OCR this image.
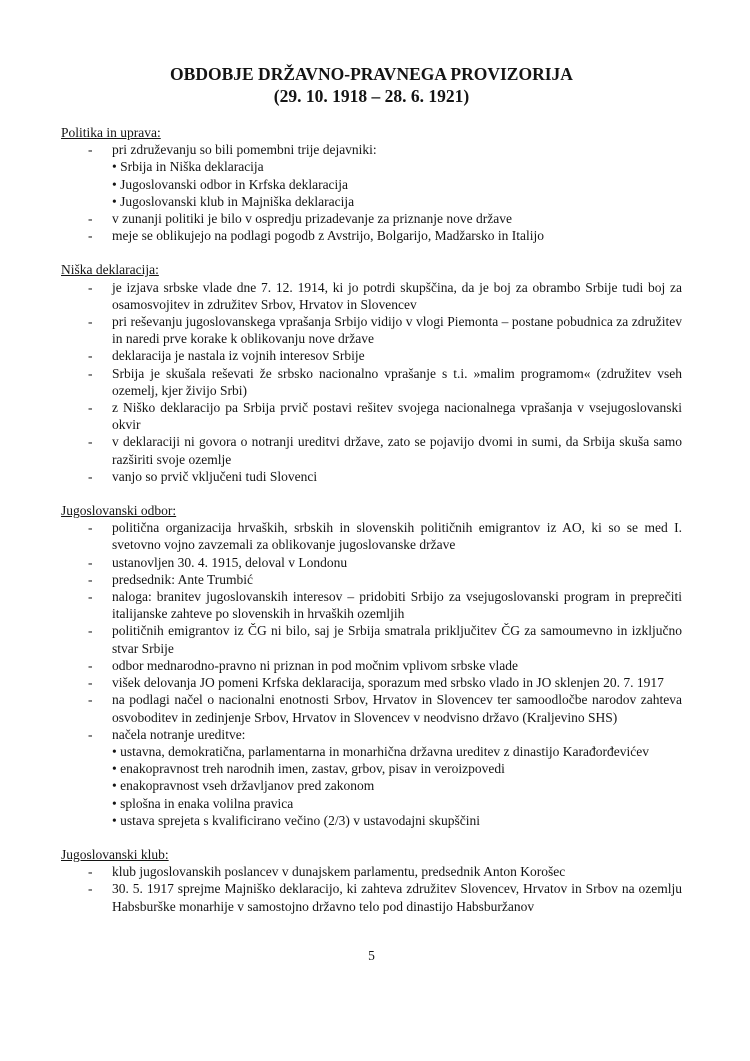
OBDOBJE DRŽAVNO-PRAVNEGA PROVIZORIJA
(29. 10. 1918 – 28. 6. 1921)
Politika in uprava:
-	pri združevanju so bili pomembni trije dejavniki:
• Srbija in Niška deklaracija
• Jugoslovanski odbor in Krfska deklaracija
• Jugoslovanski klub in Majniška deklaracija
-	v zunanji politiki je bilo v ospredju prizadevanje za priznanje nove države
-	meje se oblikujejo na podlagi pogodb z Avstrijo, Bolgarijo, Madžarsko in Italijo
Niška deklaracija:
-	je izjava srbske vlade dne 7. 12. 1914, ki jo potrdi skupščina, da je boj za obrambo Srbije tudi boj za osamosvojitev in združitev Srbov, Hrvatov in Slovencev
-	pri reševanju jugoslovanskega vprašanja Srbijo vidijo v vlogi Piemonta – postane pobudnica za združitev in naredi prve korake k oblikovanju nove države
-	deklaracija je nastala iz vojnih interesov Srbije
-	Srbija je skušala reševati že srbsko nacionalno vprašanje s t.i. »malim programom« (združitev vseh ozemelj, kjer živijo Srbi)
-	z Niško deklaracijo pa Srbija prvič postavi rešitev svojega nacionalnega vprašanja v vsejugoslovanski okvir
-	v deklaraciji ni govora o notranji ureditvi države, zato se pojavijo dvomi in sumi, da Srbija skuša samo razširiti svoje ozemlje
-	vanjo so prvič vključeni tudi Slovenci
Jugoslovanski odbor:
-	politična organizacija hrvaških, srbskih in slovenskih političnih emigrantov iz AO, ki so se med I. svetovno vojno zavzemali za oblikovanje jugoslovanske države
-	ustanovljen 30. 4. 1915, deloval v Londonu
-	predsednik: Ante Trumbić
-	naloga: branitev jugoslovanskih interesov – pridobiti Srbijo za vsejugoslovanski program in preprečiti italijanske zahteve po slovenskih in hrvaških ozemljih
-	političnih emigrantov iz ČG ni bilo, saj je Srbija smatrala priključitev ČG za samoumevno in izključno stvar Srbije
-	odbor mednarodno-pravno ni priznan in pod močnim vplivom srbske vlade
-	višek delovanja JO pomeni Krfska deklaracija, sporazum med srbsko vlado in JO sklenjen 20. 7. 1917
-	na podlagi načel o nacionalni enotnosti Srbov, Hrvatov in Slovencev ter samoodločbe narodov zahteva osvoboditev in zedinjenje Srbov, Hrvatov in Slovencev v neodvisno državo (Kraljevino SHS)
-	načela notranje ureditve:
• ustavna, demokratična, parlamentarna in monarhična državna ureditev z dinastijo Karađorđevićev
• enakopravnost treh narodnih imen, zastav, grbov, pisav in veroizpovedi
• enakopravnost vseh državljanov pred zakonom
• splošna in enaka volilna pravica
• ustava sprejeta s kvalificirano večino (2/3) v ustavodajni skupščini
Jugoslovanski klub:
-	klub jugoslovanskih poslancev v dunajskem parlamentu, predsednik Anton Korošec
-	30. 5. 1917 sprejme Majniško deklaracijo, ki zahteva združitev Slovencev, Hrvatov in Srbov na ozemlju Habsburške monarhije v samostojno državno telo pod dinastijo Habsburžanov
5
